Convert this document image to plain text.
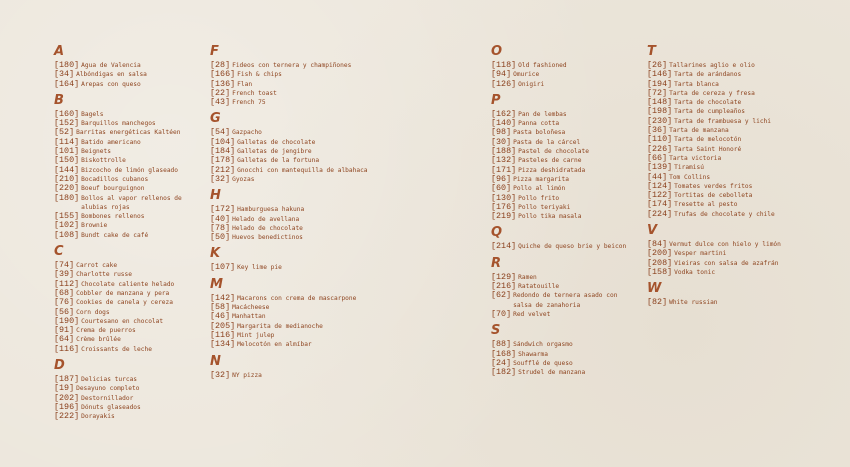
A
[180] Agua de Valencia
[34] Albóndigas en salsa
[164] Arepas con queso
B
[160] Bagels
[152] Barquillos manchegos
[52] Barritas energéticas Kaltéen
[114] Batido americano
[101] Beignets
[150] Biskottrolle
[144] Bizcocho de limón glaseado
[210] Bocadillos cubanos
[220] Boeuf bourguignon
[180] Bollos al vapor rellenos de alubias rojas
[155] Bombones rellenos
[102] Brownie
[108] Bundt cake de café
C
[74] Carrot cake
[39] Charlotte russe
[112] Chocolate caliente helado
[68] Cobbler de manzana y pera
[76] Cookies de canela y cereza
[56] Corn dogs
[190] Courtesano en chocolat
[91] Crema de puerros
[64] Crème brûlée
[116] Croissants de leche
D
[187] Delicias turcas
[19] Desayuno completo
[202] Destornillador
[196] Dónuts glaseados
[222] Dorayakis
F
[28] Fideos con ternera y champiñones
[166] Fish & chips
[136] Flan
[22] French toast
[43] French 75
G
[54] Gazpacho
[104] Galletas de chocolate
[184] Galletas de jengibre
[178] Galletas de la fortuna
[212] Gnocchi con mantequilla de albahaca
[32] Gyozas
H
[172] Hamburguesa hakuna
[40] Helado de avellana
[78] Helado de chocolate
[50] Huevos benedictinos
K
[107] Key lime pie
M
[142] Macarons con crema de mascarpone
[58] Macácheese
[46] Manhattan
[205] Margarita de medianoche
[116] Mint julep
[134] Melocotón en almíbar
N
[32] NY pizza
O
[118] Old fashioned
[94] Omurice
[126] Onigiri
P
[162] Pan de lembas
[140] Panna cotta
[98] Pasta boloñesa
[30] Pasta de la cárcel
[188] Pastel de chocolate
[132] Pasteles de carne
[171] Pizza deshidratada
[96] Pizza margarita
[60] Pollo al limón
[130] Pollo frito
[176] Pollo teriyaki
[219] Pollo tika masala
Q
[214] Quiche de queso brie y beicon
R
[129] Ramen
[216] Ratatouille
[62] Redondo de ternera asado con salsa de zanahoria
[70] Red velvet
S
[88] Sándwich orgasmo
[168] Shawarma
[24] Soufflé de queso
[182] Strudel de manzana
T
[26] Tallarines aglio e olio
[146] Tarta de arándanos
[194] Tarta blanca
[72] Tarta de cereza y fresa
[148] Tarta de chocolate
[198] Tarta de cumpleaños
[230] Tarta de frambuesa y lichi
[36] Tarta de manzana
[110] Tarta de melocotón
[226] Tarta Saint Honoré
[66] Tarta victoria
[139] Tiramisú
[44] Tom Collins
[124] Tomates verdes fritos
[122] Tortitas de cebolleta
[174] Tresette al pesto
[224] Trufas de chocolate y chile
V
[84] Vermut dulce con hielo y limón
[200] Vesper martini
[208] Vieiras con salsa de azafrán
[158] Vodka tonic
W
[82] White russian
